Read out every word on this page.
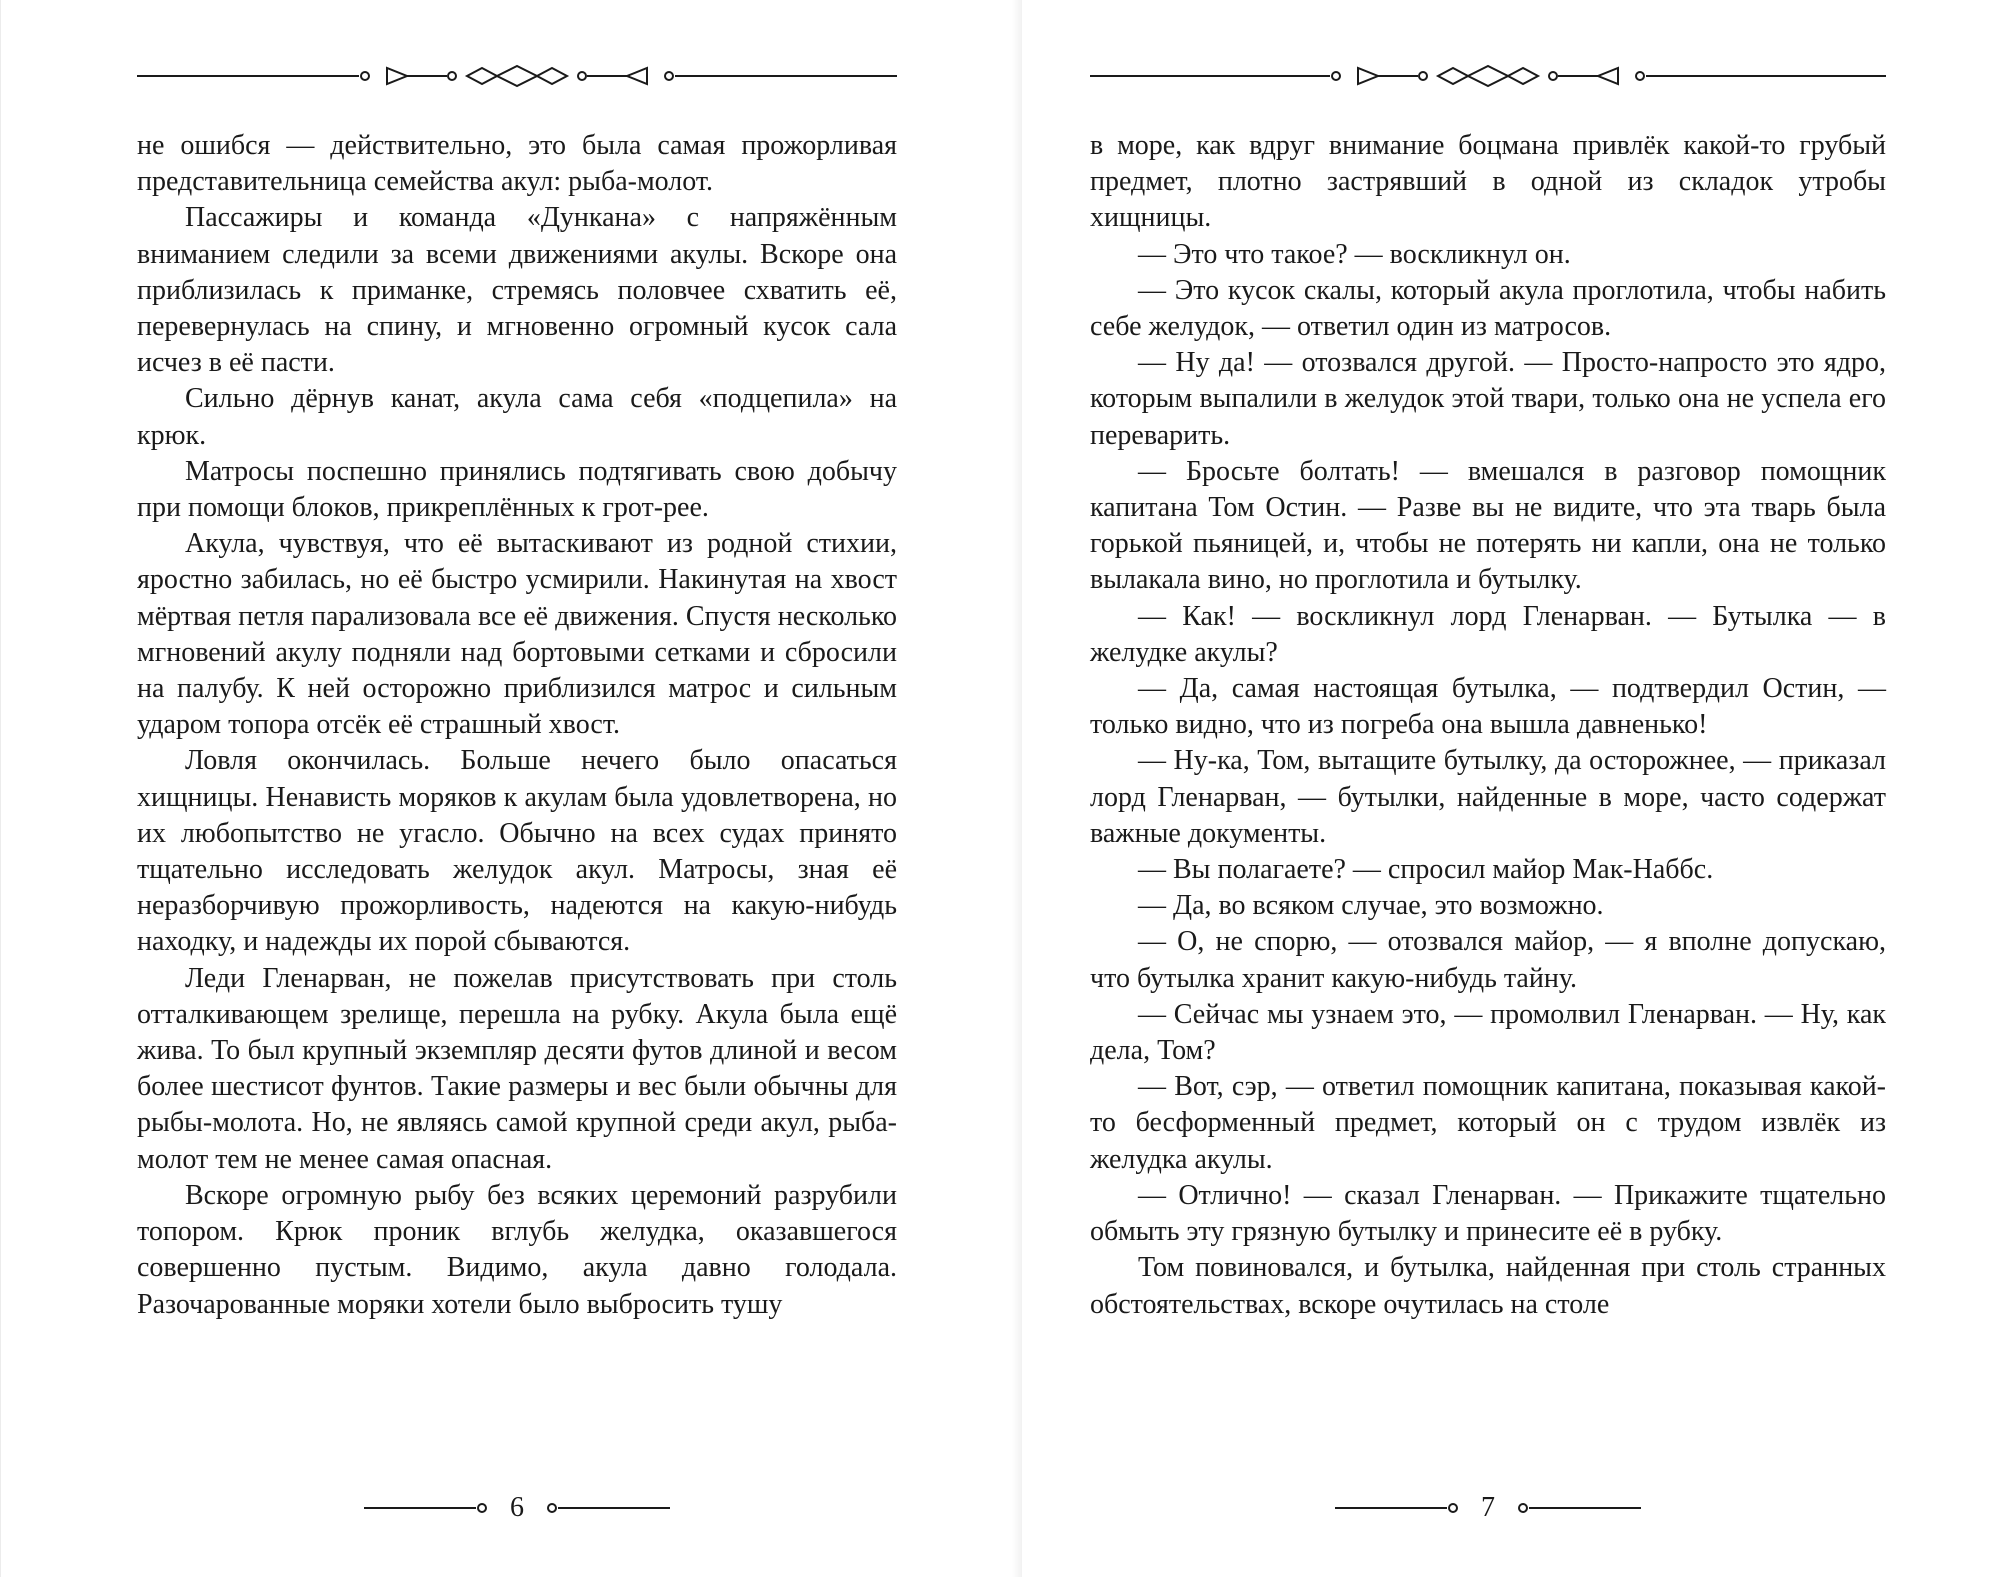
не ошибся — действительно, это была самая прожорливая представительница семейства акул: рыба-молот.

Пассажиры и команда «Дункана» с напряжённым вниманием следили за всеми движениями акулы. Вскоре она приблизилась к приманке, стремясь половчее схватить её, перевернулась на спину, и мгновенно огромный кусок сала исчез в её пасти.

Сильно дёрнув канат, акула сама себя «подцепила» на крюк.

Матросы поспешно принялись подтягивать свою добычу при помощи блоков, прикреплённых к грот-рее.

Акула, чувствуя, что её вытаскивают из родной стихии, яростно забилась, но её быстро усмирили. Накинутая на хвост мёртвая петля парализовала все её движения. Спустя несколько мгновений акулу подняли над бортовыми сетками и сбросили на палубу. К ней осторожно приблизился матрос и сильным ударом топора отсёк её страшный хвост.

Ловля окончилась. Больше нечего было опасаться хищницы. Ненависть моряков к акулам была удовлетворена, но их любопытство не угасло. Обычно на всех судах принято тщательно исследовать желудок акул. Матросы, зная её неразборчивую прожорливость, надеются на какую-нибудь находку, и надежды их порой сбываются.

Леди Гленарван, не пожелав присутствовать при столь отталкивающем зрелище, перешла на рубку. Акула была ещё жива. То был крупный экземпляр десяти футов длиной и весом более шестисот фунтов. Такие размеры и вес были обычны для рыбы-молота. Но, не являясь самой крупной среди акул, рыба-молот тем не менее самая опасная.

Вскоре огромную рыбу без всяких церемоний разрубили топором. Крюк проник вглубь желудка, оказавшегося совершенно пустым. Видимо, акула давно голодала. Разочарованные моряки хотели было выбросить тушу

6

в море, как вдруг внимание боцмана привлёк какой-то грубый предмет, плотно застрявший в одной из складок утробы хищницы.

— Это что такое? — воскликнул он.

— Это кусок скалы, который акула проглотила, чтобы набить себе желудок, — ответил один из матросов.

— Ну да! — отозвался другой. — Просто-напросто это ядро, которым выпалили в желудок этой твари, только она не успела его переварить.

— Бросьте болтать! — вмешался в разговор помощник капитана Том Остин. — Разве вы не видите, что эта тварь была горькой пьяницей, и, чтобы не потерять ни капли, она не только вылакала вино, но проглотила и бутылку.

— Как! — воскликнул лорд Гленарван. — Бутылка — в желудке акулы?

— Да, самая настоящая бутылка, — подтвердил Остин, — только видно, что из погреба она вышла давненько!

— Ну-ка, Том, вытащите бутылку, да осторожнее, — приказал лорд Гленарван, — бутылки, найденные в море, часто содержат важные документы.

— Вы полагаете? — спросил майор Мак-Наббс.

— Да, во всяком случае, это возможно.

— О, не спорю, — отозвался майор, — я вполне допускаю, что бутылка хранит какую-нибудь тайну.

— Сейчас мы узнаем это, — промолвил Гленарван. — Ну, как дела, Том?

— Вот, сэр, — ответил помощник капитана, показывая какой-то бесформенный предмет, который он с трудом извлёк из желудка акулы.

— Отлично! — сказал Гленарван. — Прикажите тщательно обмыть эту грязную бутылку и принесите её в рубку.

Том повиновался, и бутылка, найденная при столь странных обстоятельствах, вскоре очутилась на столе

7
